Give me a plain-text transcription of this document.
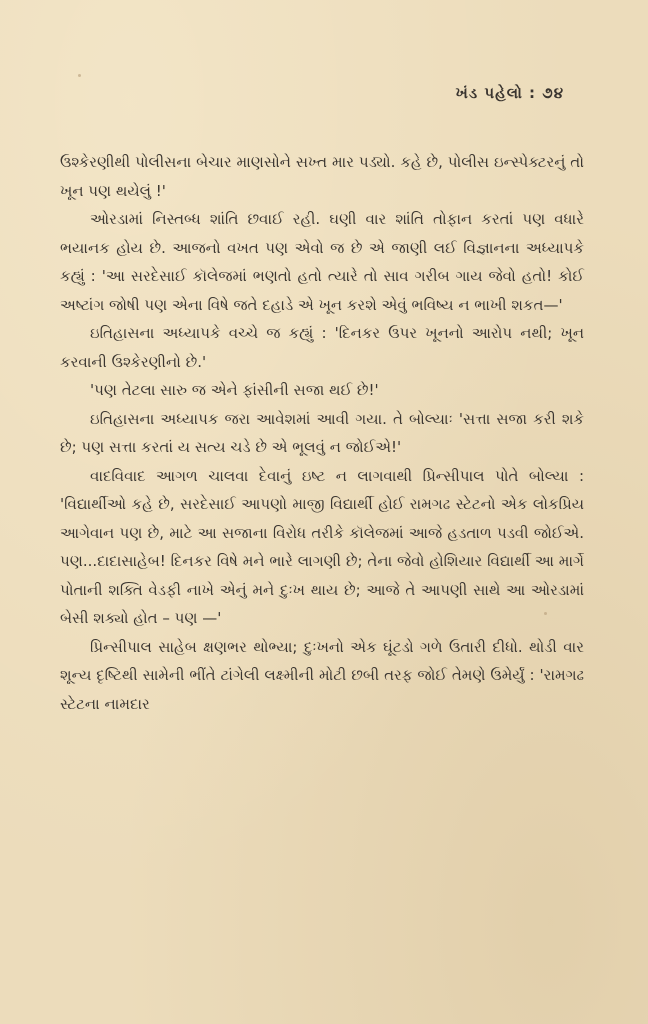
ખંડ પહેલો : ૭૪

ઉશ્કેરણીથી પોલીસના બેચાર માણસોને સખ્ત માર પડ્યો. કહે છે, પોલીસ ઇન્સ્પેક્ટરનું તો ખૂન પણ થયેલું !'

ઓરડામાં નિસ્તબ્ધ શાંતિ છવાઈ રહી. ઘણી વાર શાંતિ તોફાન કરતાં પણ વધારે ભયાનક હોય છે. આજનો વખત પણ એવો જ છે એ જાણી લઈ વિજ્ઞાનના અધ્યાપકે કહ્યું : 'આ સરદેસાઈ કૉલેજમાં ભણતો હતો ત્યારે તો સાવ ગરીબ ગાય જેવો હતો! કોઈ અષ્ટાંગ જોષી પણ એના વિષે જતે દહાડે એ ખૂન કરશે એવું ભવિષ્ય ન ભાખી શકત—'

ઇતિહાસના અધ્યાપકે વચ્ચે જ કહ્યું : 'દિનકર ઉપર ખૂનનો આરોપ નથી; ખૂન કરવાની ઉશ્કેરણીનો છે.'

'પણ તેટલા સારુ જ એને ફાંસીની સજા થઈ છે!'

ઇતિહાસના અધ્યાપક જરા આવેશમાં આવી ગયા. તે બોલ્યાઃ 'સત્તા સજા કરી શકે છે; પણ સત્તા કરતાં ય સત્ય ચડે છે એ ભૂલવું ન જોઈએ!'

વાદવિવાદ આગળ ચાલવા દેવાનું ઇષ્ટ ન લાગવાથી પ્રિન્સીપાલ પોતે બોલ્યા : 'વિદ્યાર્થીઓ કહે છે, સરદેસાઈ આપણો માજી વિદ્યાર્થી હોઈ રામગઢ સ્ટેટનો એક લોકપ્રિય આગેવાન પણ છે, માટે આ સજાના વિરોધ તરીકે કૉલેજમાં આજે હડતાળ પડવી જોઈએ. પણ...દાદાસાહેબ! દિનકર વિષે મને ભારે લાગણી છે; તેના જેવો હોશિયાર વિદ્યાર્થી આ માર્ગે પોતાની શક્તિ વેડફી નાખે એનું મને દુઃખ થાય છે; આજે તે આપણી સાથે આ ઓરડામાં બેસી શક્યો હોત – પણ —'

પ્રિન્સીપાલ સાહેબ ક્ષણભર થોભ્યા; દુઃખનો એક ઘૂંટડો ગળે ઉતારી દીધો. થોડી વાર શૂન્ય દૃષ્ટિથી સામેની ભીંતે ટાંગેલી લક્ષ્મીની મોટી છબી તરફ જોઈ તેમણે ઉમેર્યું : 'રામગઢ સ્ટેટના નામદાર
